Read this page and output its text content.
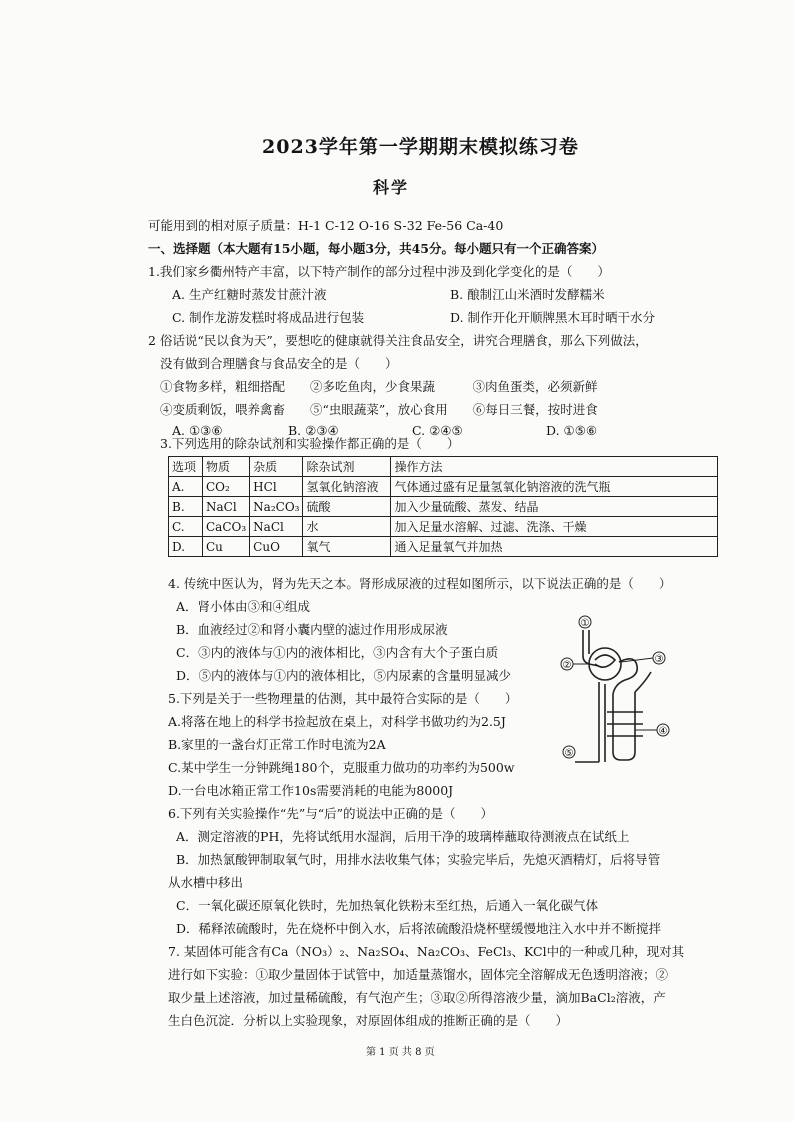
2023学年第一学期期末模拟练习卷
科学
可能用到的相对原子质量：H-1 C-12 O-16 S-32 Fe-56 Ca-40
一、选择题（本大题有15小题，每小题3分，共45分。每小题只有一个正确答案）
1.我们家乡衢州特产丰富，以下特产制作的部分过程中涉及到化学变化的是（　　）
A. 生产红糖时蒸发甘蔗汁液	B. 酿制江山米酒时发酵糯米
C. 制作龙游发糕时将成品进行包装	D. 制作开化开顺牌黑木耳时晒干水分
2 俗话说“民以食为天”，要想吃的健康就得关注食品安全，讲究合理膳食，那么下列做法，
没有做到合理膳食与食品安全的是（　　）
①食物多样，粗细搭配　　②多吃鱼肉，少食果蔬　　　③肉鱼蛋类，必须新鲜
④变质剩饭，喂养禽畜　　⑤“虫眼蔬菜”，放心食用　　⑥每日三餐，按时进食
A. ①③⑥	B. ②③④	C. ②④⑤	D. ①⑤⑥
3.下列选用的除杂试剂和实验操作都正确的是（　　）
选项	物质	杂质	除杂试剂	操作方法
A.	CO₂	HCl	氢氧化钠溶液	气体通过盛有足量氢氧化钠溶液的洗气瓶
B.	NaCl	Na₂CO₃	硫酸	加入少量硫酸、蒸发、结晶
C.	CaCO₃	NaCl	水	加入足量水溶解、过滤、洗涤、干燥
D.	Cu	CuO	氧气	通入足量氧气并加热
4. 传统中医认为，肾为先天之本。肾形成尿液的过程如图所示，以下说法正确的是（　　）
A．肾小体由③和④组成
B．血液经过②和肾小囊内壁的滤过作用形成尿液
C．③内的液体与①内的液体相比，③内含有大个子蛋白质
D．⑤内的液体与①内的液体相比，⑤内尿素的含量明显减少
①
②
③
④
⑤
5.下列是关于一些物理量的估测，其中最符合实际的是（　　）
A.将落在地上的科学书捡起放在桌上，对科学书做功约为2.5J
B.家里的一盏台灯正常工作时电流为2A
C.某中学生一分钟跳绳180个，克服重力做功的功率约为500w
D.一台电冰箱正常工作10s需要消耗的电能为8000J
6.下列有关实验操作“先”与“后”的说法中正确的是（　　）
A．测定溶液的PH，先将试纸用水湿润，后用干净的玻璃棒蘸取待测液点在试纸上
B．加热氯酸钾制取氧气时，用排水法收集气体；实验完毕后，先熄灭酒精灯，后将导管
从水槽中移出
C．一氧化碳还原氧化铁时，先加热氧化铁粉末至红热，后通入一氧化碳气体
D．稀释浓硫酸时，先在烧杯中倒入水，后将浓硫酸沿烧杯壁缓慢地注入水中并不断搅拌
7. 某固体可能含有Ca（NO₃）₂、Na₂SO₄、Na₂CO₃、FeCl₃、KCl中的一种或几种，现对其
进行如下实验：①取少量固体于试管中，加适量蒸馏水，固体完全溶解成无色透明溶液；②
取少量上述溶液，加过量稀硫酸，有气泡产生；③取②所得溶液少量，滴加BaCl₂溶液，产
生白色沉淀．分析以上实验现象，对原固体组成的推断正确的是（　　）
第 1 页 共 8 页
